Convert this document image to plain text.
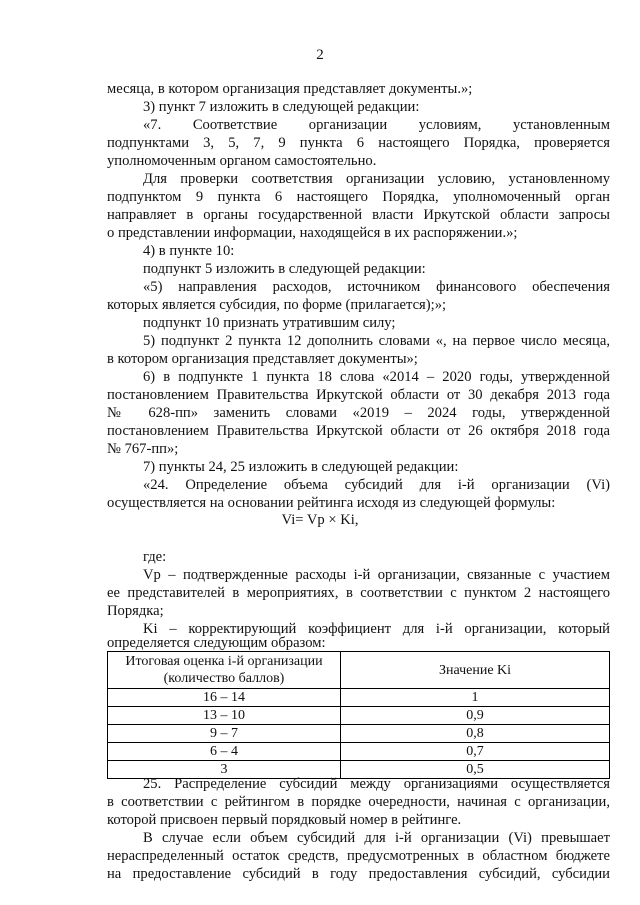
2
месяца, в котором организация представляет документы.»;
3) пункт 7 изложить в следующей редакции:
«7. Соответствие организации условиям, установленным
подпунктами 3, 5, 7, 9 пункта 6 настоящего Порядка, проверяется
уполномоченным органом самостоятельно.
Для проверки соответствия организации условию, установленному
подпунктом 9 пункта 6 настоящего Порядка, уполномоченный орган
направляет в органы государственной власти Иркутской области запросы
о представлении информации, находящейся в их распоряжении.»;
4) в пункте 10:
подпункт 5 изложить в следующей редакции:
«5) направления расходов, источником финансового обеспечения
которых является субсидия, по форме (прилагается);»;
подпункт 10 признать утратившим силу;
5) подпункт 2 пункта 12 дополнить словами «, на первое число месяца,
в котором организация представляет документы»;
6) в подпункте 1 пункта 18 слова «2014 – 2020 годы, утвержденной
постановлением Правительства Иркутской области от 30 декабря 2013 года
№ 628-пп» заменить словами «2019 – 2024 годы, утвержденной
постановлением Правительства Иркутской области от 26 октября 2018 года
№ 767-пп»;
7) пункты 24, 25 изложить в следующей редакции:
«24. Определение объема субсидий для i-й организации (Vi)
осуществляется на основании рейтинга исходя из следующей формулы:
Vi= Vp × Ki,
где:
Vp – подтвержденные расходы i-й организации, связанные с участием
ее представителей в мероприятиях, в соответствии с пунктом 2 настоящего
Порядка;
Ki – корректирующий коэффициент для i-й организации, который
определяется следующим образом:
Итоговая оценка i-й организации
(количество баллов)	Значение Ki
16 – 14	1
13 – 10	0,9
9 – 7	0,8
6 – 4	0,7
3	0,5
25. Распределение субсидий между организациями осуществляется
в соответствии с рейтингом в порядке очередности, начиная с организации,
которой присвоен первый порядковый номер в рейтинге.
В случае если объем субсидий для i-й организации (Vi) превышает
нераспределенный остаток средств, предусмотренных в областном бюджете
на предоставление субсидий в году предоставления субсидий, субсидии
